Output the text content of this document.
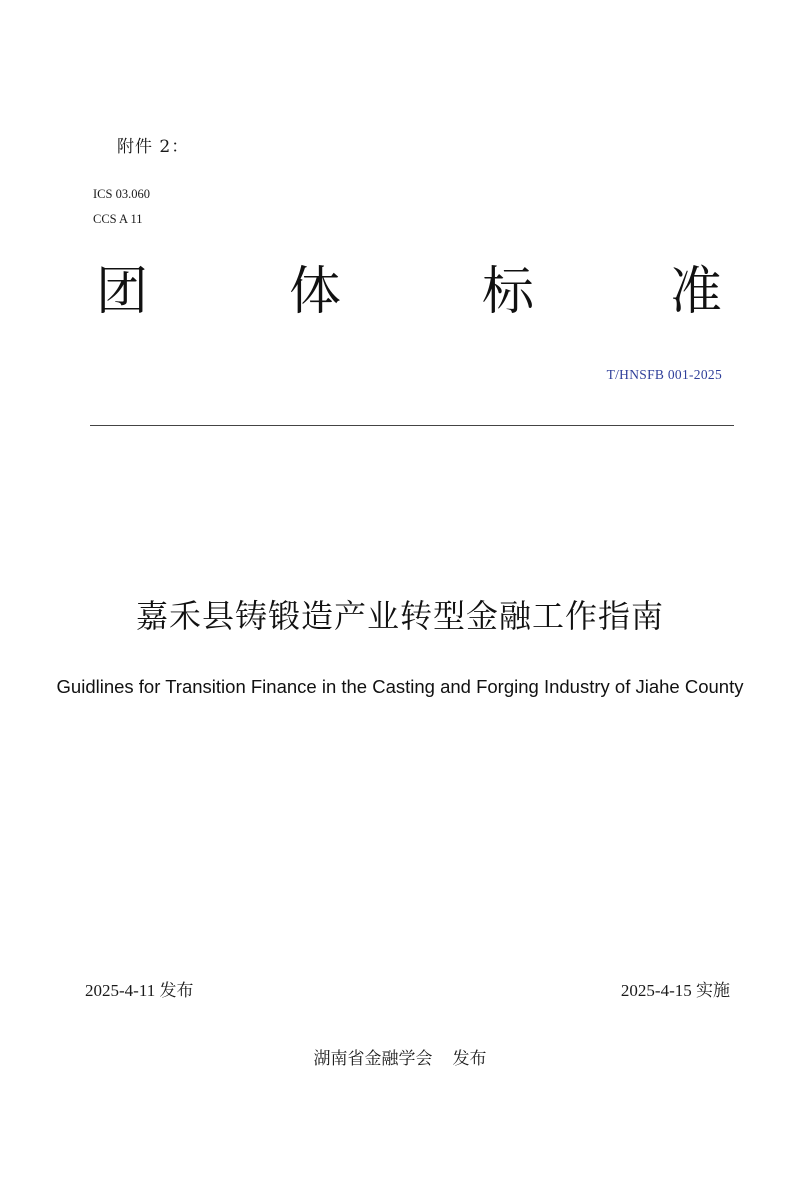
附件 2：
ICS 03.060
CCS A 11
团	体	标	准
T/HNSFB 001-2025
嘉禾县铸锻造产业转型金融工作指南
Guidlines for Transition Finance in the Casting and Forging Industry of Jiahe County
2025-4-11 发布	2025-4-15 实施
湖南省金融学会 发布
